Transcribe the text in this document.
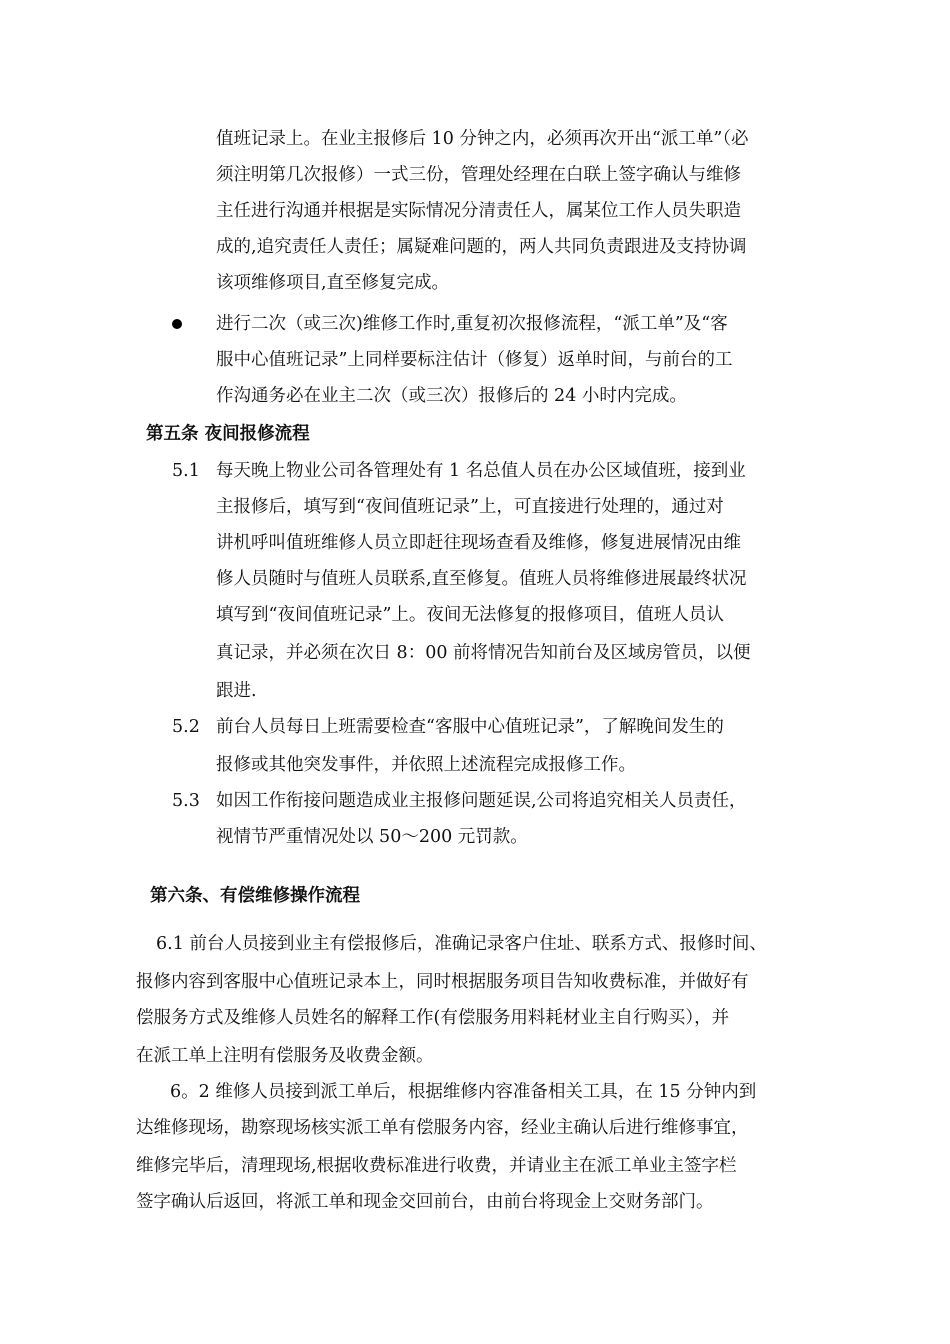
值班记录上。在业主报修后 10 分钟之内，必须再次开出“派工单”（必
须注明第几次报修）一式三份，管理处经理在白联上签字确认与维修
主任进行沟通并根据是实际情况分清责任人，属某位工作人员失职造
成的,追究责任人责任；属疑难问题的，两人共同负责跟进及支持协调
该项维修项目,直至修复完成。
进行二次（或三次)维修工作时,重复初次报修流程，“派工单”及“客
服中心值班记录”上同样要标注估计（修复）返单时间，与前台的工
作沟通务必在业主二次（或三次）报修后的 24 小时内完成。
第五条 夜间报修流程
5.1 每天晚上物业公司各管理处有 1 名总值人员在办公区域值班，接到业
主报修后，填写到“夜间值班记录”上，可直接进行处理的，通过对
讲机呼叫值班维修人员立即赶往现场查看及维修，修复进展情况由维
修人员随时与值班人员联系,直至修复。值班人员将维修进展最终状况
填写到“夜间值班记录”上。夜间无法修复的报修项目，值班人员认
真记录，并必须在次日 8：00 前将情况告知前台及区域房管员，以便
跟进.
5.2 前台人员每日上班需要检查“客服中心值班记录”，了解晚间发生的
报修或其他突发事件，并依照上述流程完成报修工作。
5.3 如因工作衔接问题造成业主报修问题延误,公司将追究相关人员责任，
视情节严重情况处以 50～200 元罚款。
第六条、有偿维修操作流程
6.1 前台人员接到业主有偿报修后，准确记录客户住址、联系方式、报修时间、
报修内容到客服中心值班记录本上，同时根据服务项目告知收费标准，并做好有
偿服务方式及维修人员姓名的解释工作(有偿服务用料耗材业主自行购买），并
在派工单上注明有偿服务及收费金额。
6。2 维修人员接到派工单后，根据维修内容准备相关工具，在 15 分钟内到
达维修现场，勘察现场核实派工单有偿服务内容，经业主确认后进行维修事宜，
维修完毕后，清理现场,根据收费标准进行收费，并请业主在派工单业主签字栏
签字确认后返回，将派工单和现金交回前台，由前台将现金上交财务部门。
